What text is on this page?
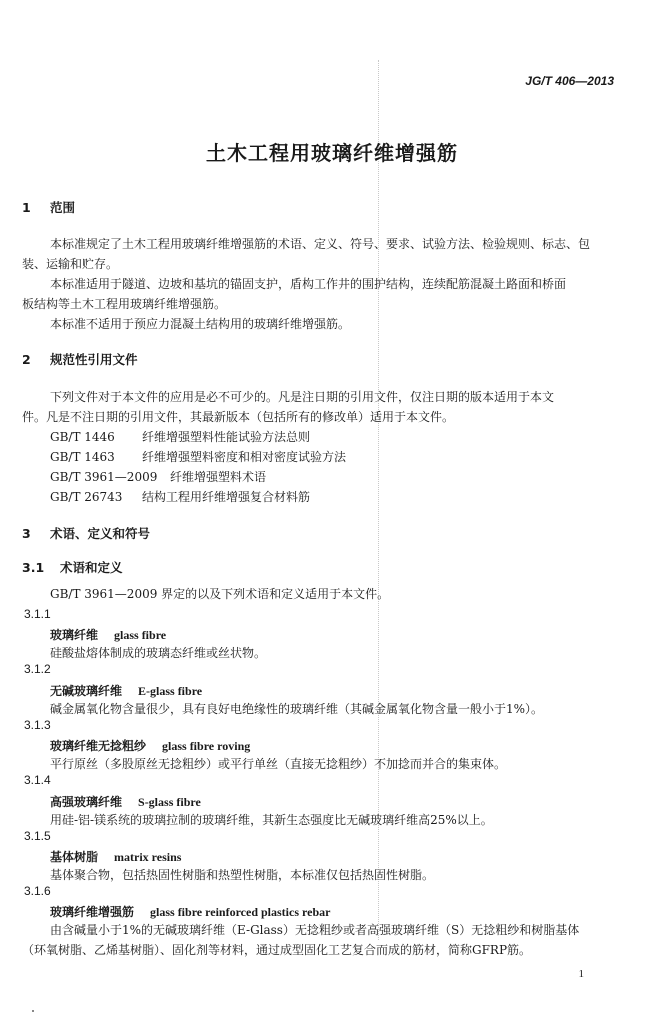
JG/T 406—2013
土木工程用玻璃纤维增强筋
1 范围
本标准规定了土木工程用玻璃纤维增强筋的术语、定义、符号、要求、试验方法、检验规则、标志、包
装、运输和贮存。
本标准适用于隧道、边坡和基坑的锚固支护，盾构工作井的围护结构，连续配筋混凝土路面和桥面
板结构等土木工程用玻璃纤维增强筋。
本标准不适用于预应力混凝土结构用的玻璃纤维增强筋。
2 规范性引用文件
下列文件对于本文件的应用是必不可少的。凡是注日期的引用文件，仅注日期的版本适用于本文
件。凡是不注日期的引用文件，其最新版本（包括所有的修改单）适用于本文件。
GB/T 1446 纤维增强塑料性能试验方法总则
GB/T 1463 纤维增强塑料密度和相对密度试验方法
GB/T 3961—2009 纤维增强塑料术语
GB/T 26743 结构工程用纤维增强复合材料筋
3 术语、定义和符号
3.1 术语和定义
GB/T 3961—2009 界定的以及下列术语和定义适用于本文件。
3.1.1
玻璃纤维 glass fibre
硅酸盐熔体制成的玻璃态纤维或丝状物。
3.1.2
无碱玻璃纤维 E-glass fibre
碱金属氧化物含量很少，具有良好电绝缘性的玻璃纤维（其碱金属氧化物含量一般小于1%）。
3.1.3
玻璃纤维无捻粗纱 glass fibre roving
平行原丝（多股原丝无捻粗纱）或平行单丝（直接无捻粗纱）不加捻而并合的集束体。
3.1.4
高强玻璃纤维 S-glass fibre
用硅-铝-镁系统的玻璃拉制的玻璃纤维，其新生态强度比无碱玻璃纤维高25%以上。
3.1.5
基体树脂 matrix resins
基体聚合物，包括热固性树脂和热塑性树脂，本标准仅包括热固性树脂。
3.1.6
玻璃纤维增强筋 glass fibre reinforced plastics rebar
由含碱量小于1%的无碱玻璃纤维（E-Glass）无捻粗纱或者高强玻璃纤维（S）无捻粗纱和树脂基体
（环氧树脂、乙烯基树脂）、固化剂等材料，通过成型固化工艺复合而成的筋材，简称GFRP筋。
1
